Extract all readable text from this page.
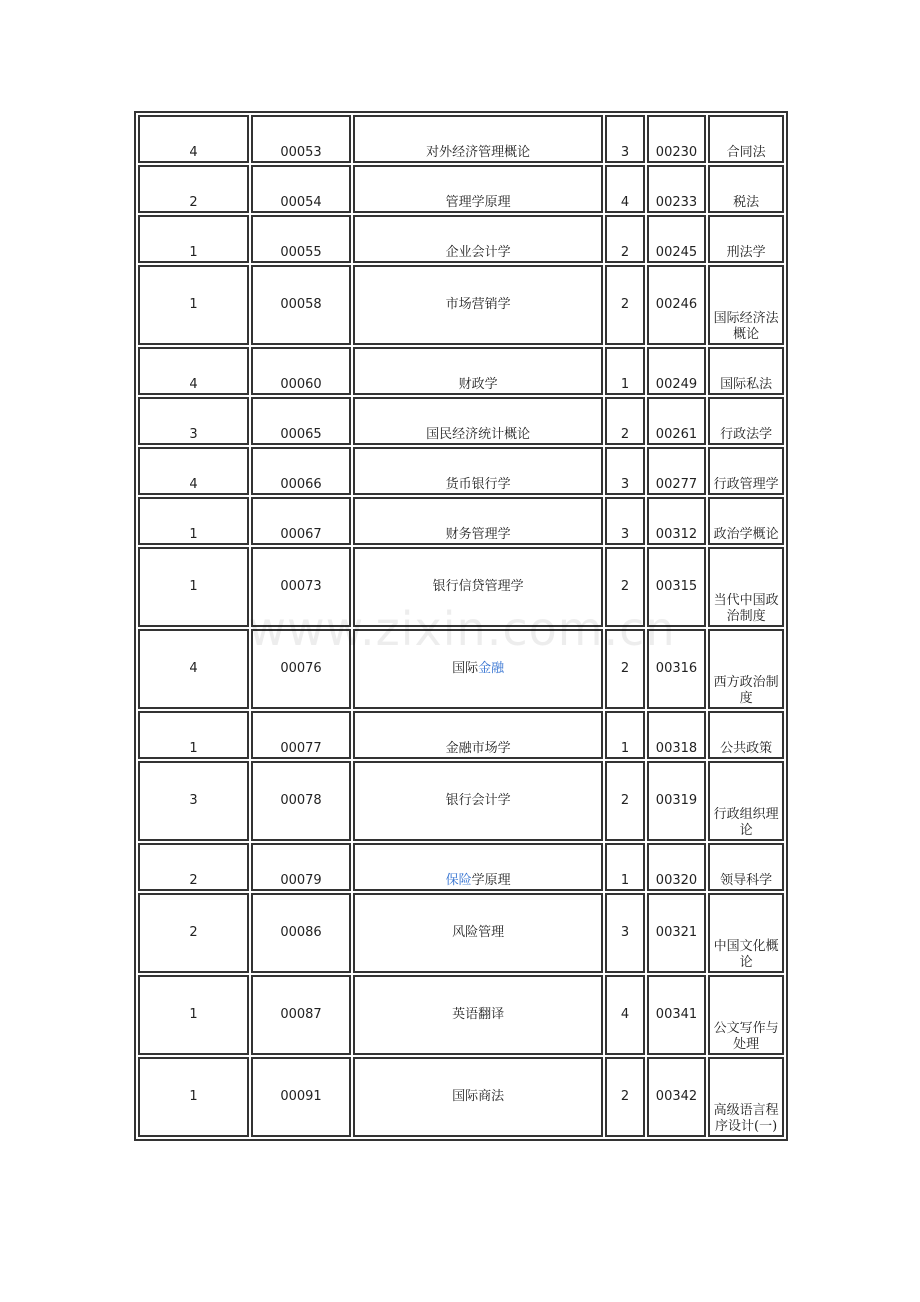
4	00053	对外经济管理概论	3	00230	合同法
2	00054	管理学原理	4	00233	税法
1	00055	企业会计学	2	00245	刑法学
1	00058	市场营销学	2	00246	国际经济法概论
4	00060	财政学	1	00249	国际私法
3	00065	国民经济统计概论	2	00261	行政法学
4	00066	货币银行学	3	00277	行政管理学
1	00067	财务管理学	3	00312	政治学概论
1	00073	银行信贷管理学	2	00315	当代中国政治制度
4	00076	国际金融	2	00316	西方政治制度
1	00077	金融市场学	1	00318	公共政策
3	00078	银行会计学	2	00319	行政组织理论
2	00079	保险学原理	1	00320	领导科学
2	00086	风险管理	3	00321	中国文化概论
1	00087	英语翻译	4	00341	公文写作与处理
1	00091	国际商法	2	00342	高级语言程序设计(一)
